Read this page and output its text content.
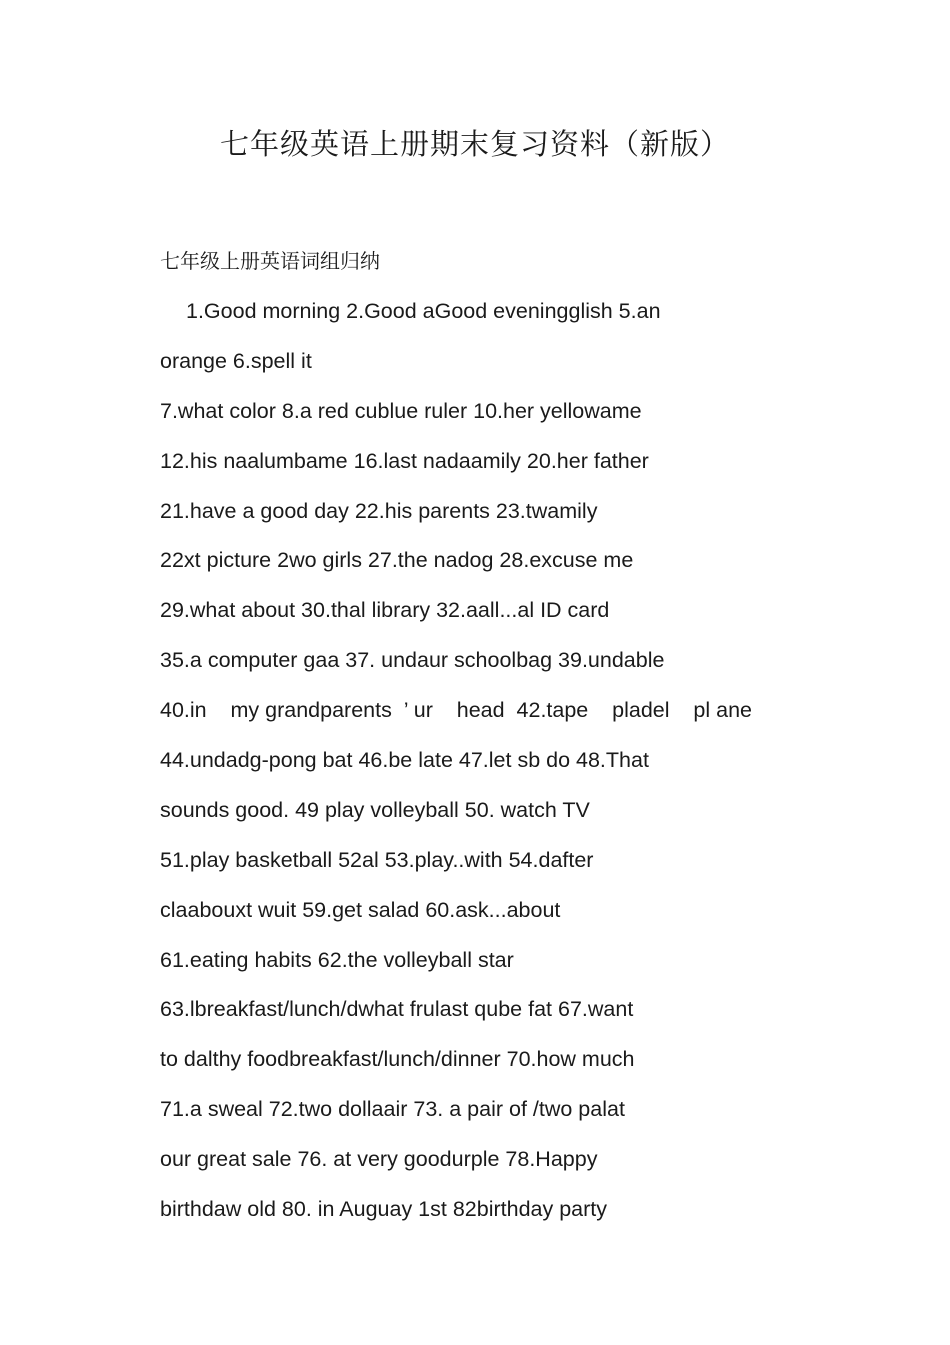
七年级英语上册期末复习资料（新版）
七年级上册英语词组归纳
1.Good morning 2.Good aGood eveningglish 5.an
orange 6.spell it
7.what color 8.a red cublue ruler 10.her yellowame
12.his naalumbame 16.last nadaamily 20.her father
21.have a good day 22.his parents 23.twamily
22xt picture 2wo girls 27.the nadog 28.excuse me
29.what about 30.thal library 32.aall...al ID card
35.a computer gaa 37. undaur schoolbag 39.undable
40.in    my grandparents  ’ ur    head  42.tape    pladel    pl ane
44.undadg-pong bat 46.be late 47.let sb do 48.That
sounds good. 49 play volleyball 50. watch TV
51.play basketball 52al 53.play..with 54.dafter
claabouxt wuit 59.get salad 60.ask...about
61.eating habits 62.the volleyball star
63.lbreakfast/lunch/dwhat frulast qube fat 67.want
to dalthy foodbreakfast/lunch/dinner 70.how much
71.a sweal 72.two dollaair 73. a pair of /two palat
our great sale 76. at very goodurple 78.Happy
birthdaw old 80. in Auguay 1st 82birthday party
